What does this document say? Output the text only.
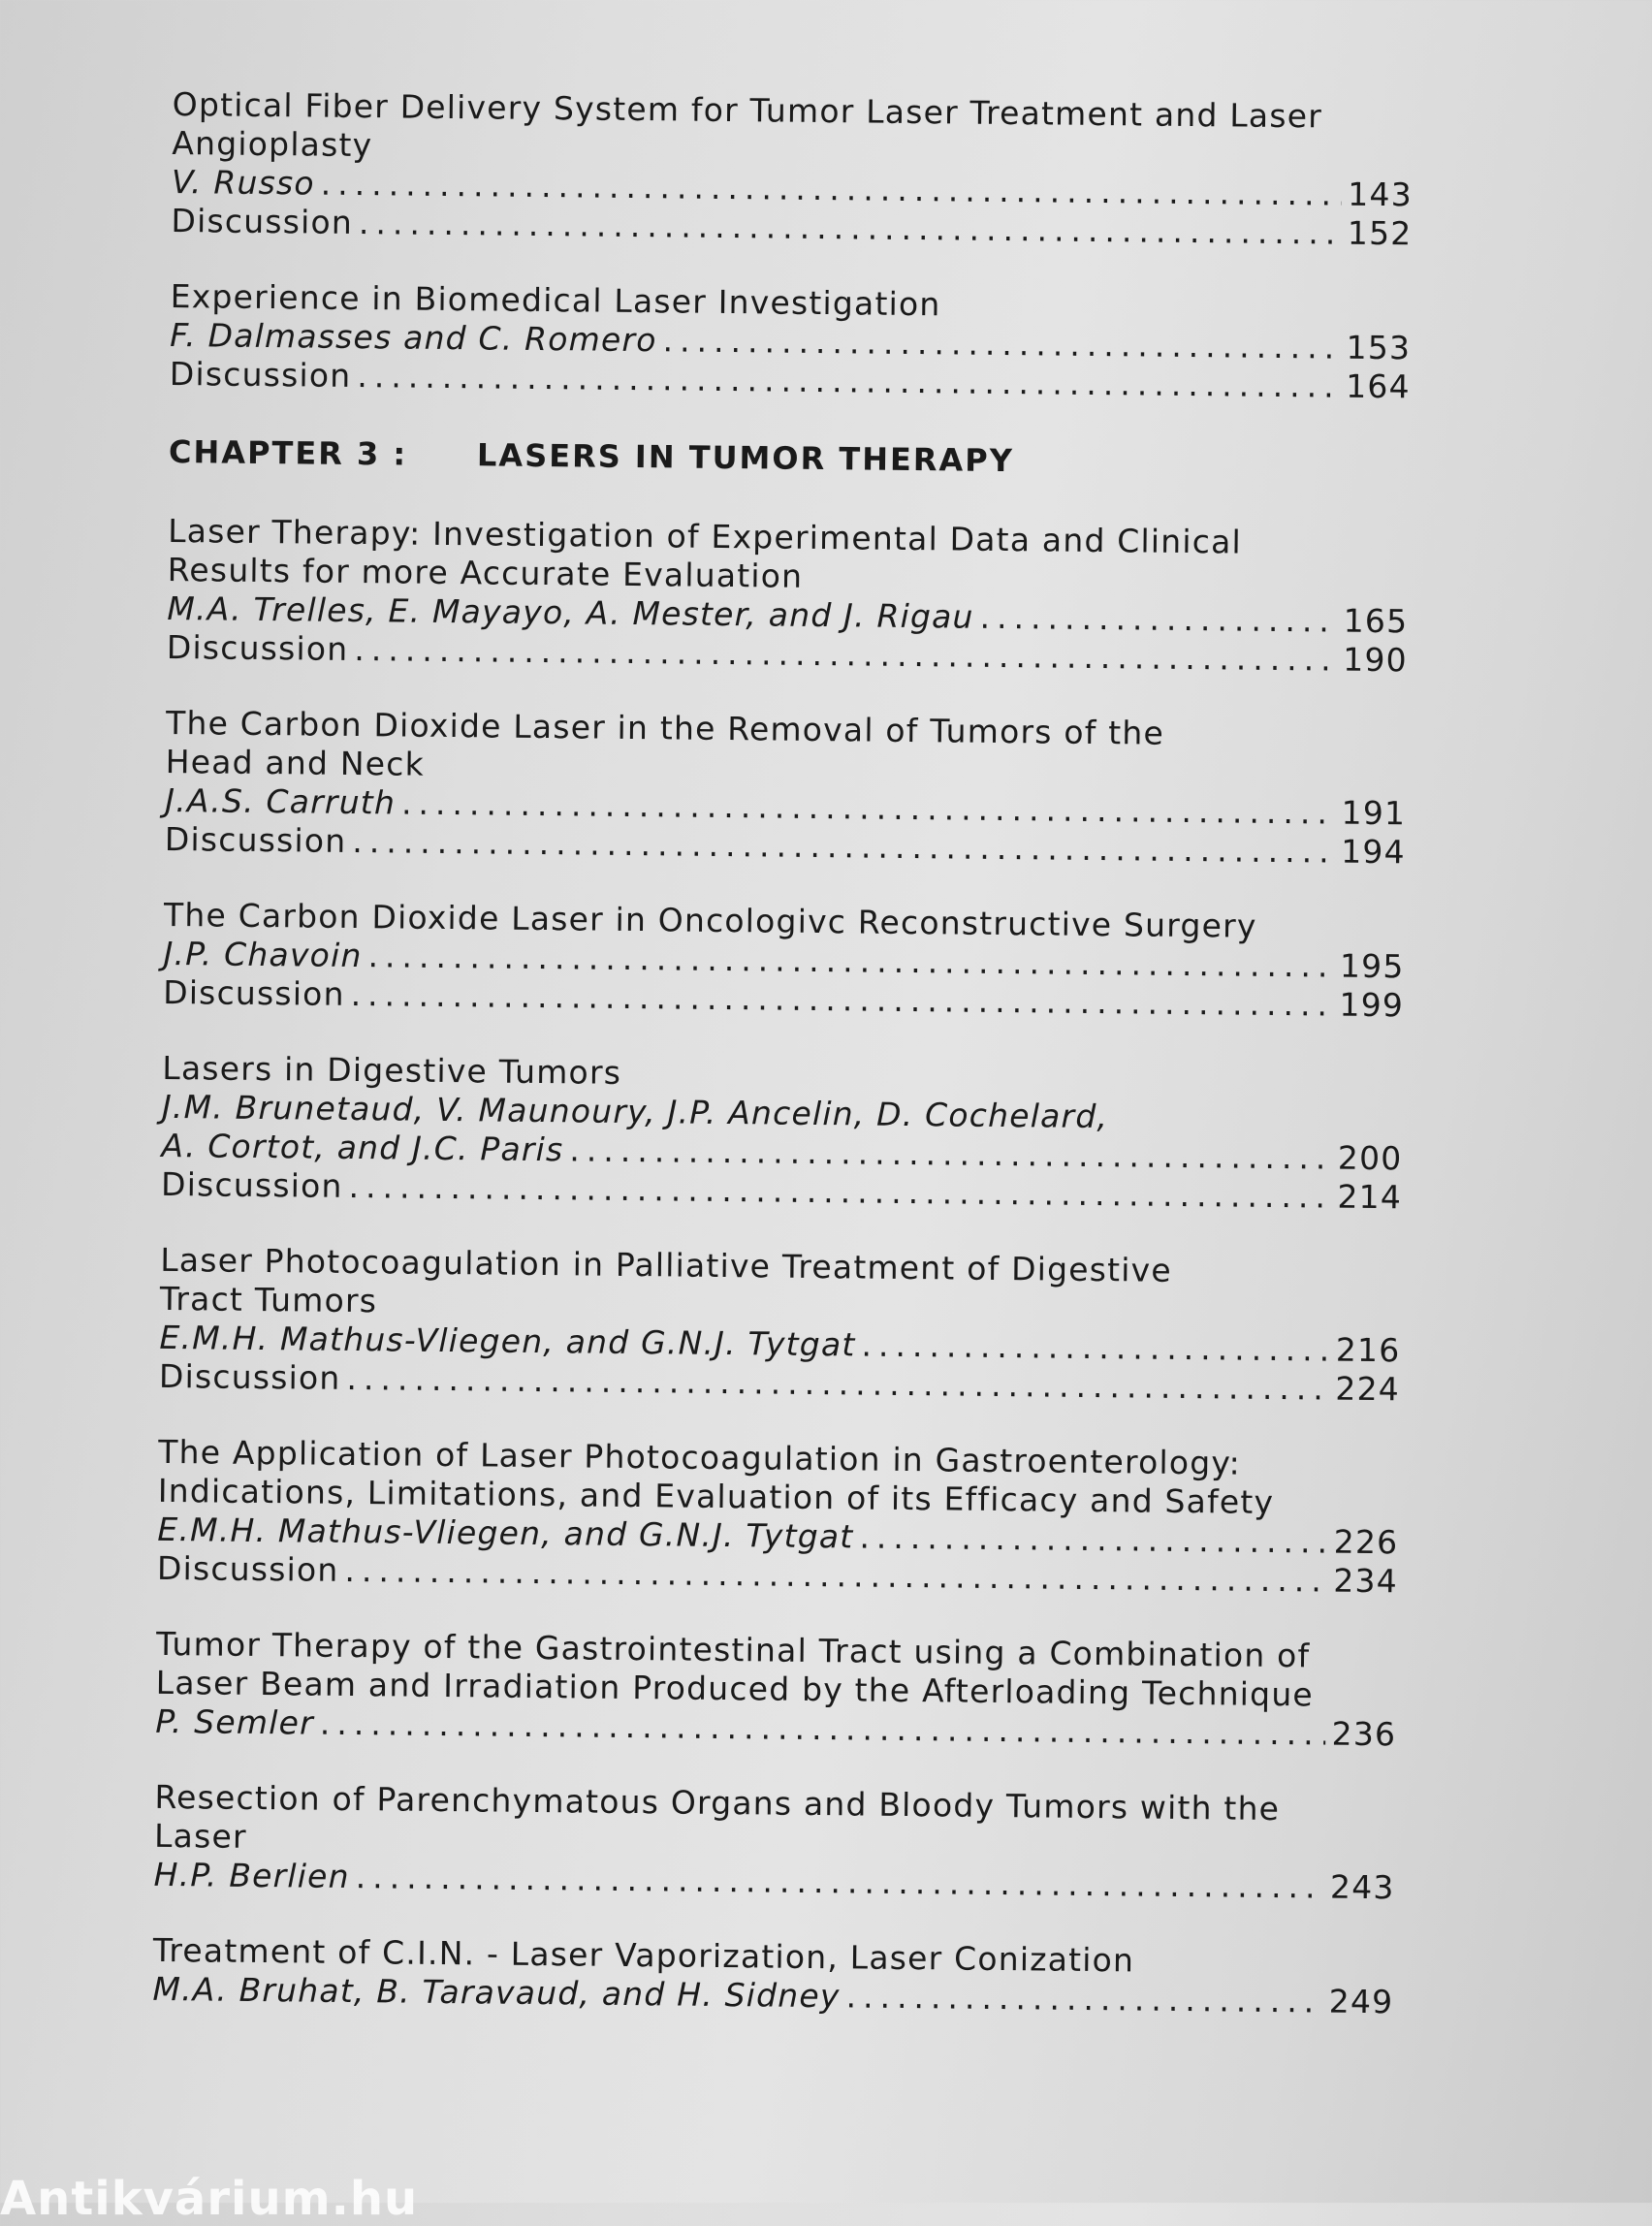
Optical Fiber Delivery System for Tumor Laser Treatment and Laser
Angioplasty
V. Russo .....	143
Discussion .....	152
Experience in Biomedical Laser Investigation
F. Dalmasses and C. Romero .....	153
Discussion .....	164
CHAPTER 3 :	LASERS IN TUMOR THERAPY
Laser Therapy: Investigation of Experimental Data and Clinical
Results for more Accurate Evaluation
M.A. Trelles, E. Mayayo, A. Mester, and J. Rigau .....	165
Discussion .....	190
The Carbon Dioxide Laser in the Removal of Tumors of the
Head and Neck
J.A.S. Carruth .....	191
Discussion .....	194
The Carbon Dioxide Laser in Oncologivc Reconstructive Surgery
J.P. Chavoin .....	195
Discussion .....	199
Lasers in Digestive Tumors
J.M. Brunetaud, V. Maunoury, J.P. Ancelin, D. Cochelard,
A. Cortot, and J.C. Paris .....	200
Discussion .....	214
Laser Photocoagulation in Palliative Treatment of Digestive
Tract Tumors
E.M.H. Mathus-Vliegen, and G.N.J. Tytgat .....	216
Discussion .....	224
The Application of Laser Photocoagulation in Gastroenterology:
Indications, Limitations, and Evaluation of its Efficacy and Safety
E.M.H. Mathus-Vliegen, and G.N.J. Tytgat .....	226
Discussion .....	234
Tumor Therapy of the Gastrointestinal Tract using a Combination of
Laser Beam and Irradiation Produced by the Afterloading Technique
P. Semler .....	236
Resection of Parenchymatous Organs and Bloody Tumors with the
Laser
H.P. Berlien .....	243
Treatment of C.I.N. - Laser Vaporization, Laser Conization
M.A. Bruhat, B. Taravaud, and H. Sidney .....	249
Antikvárium.hu
